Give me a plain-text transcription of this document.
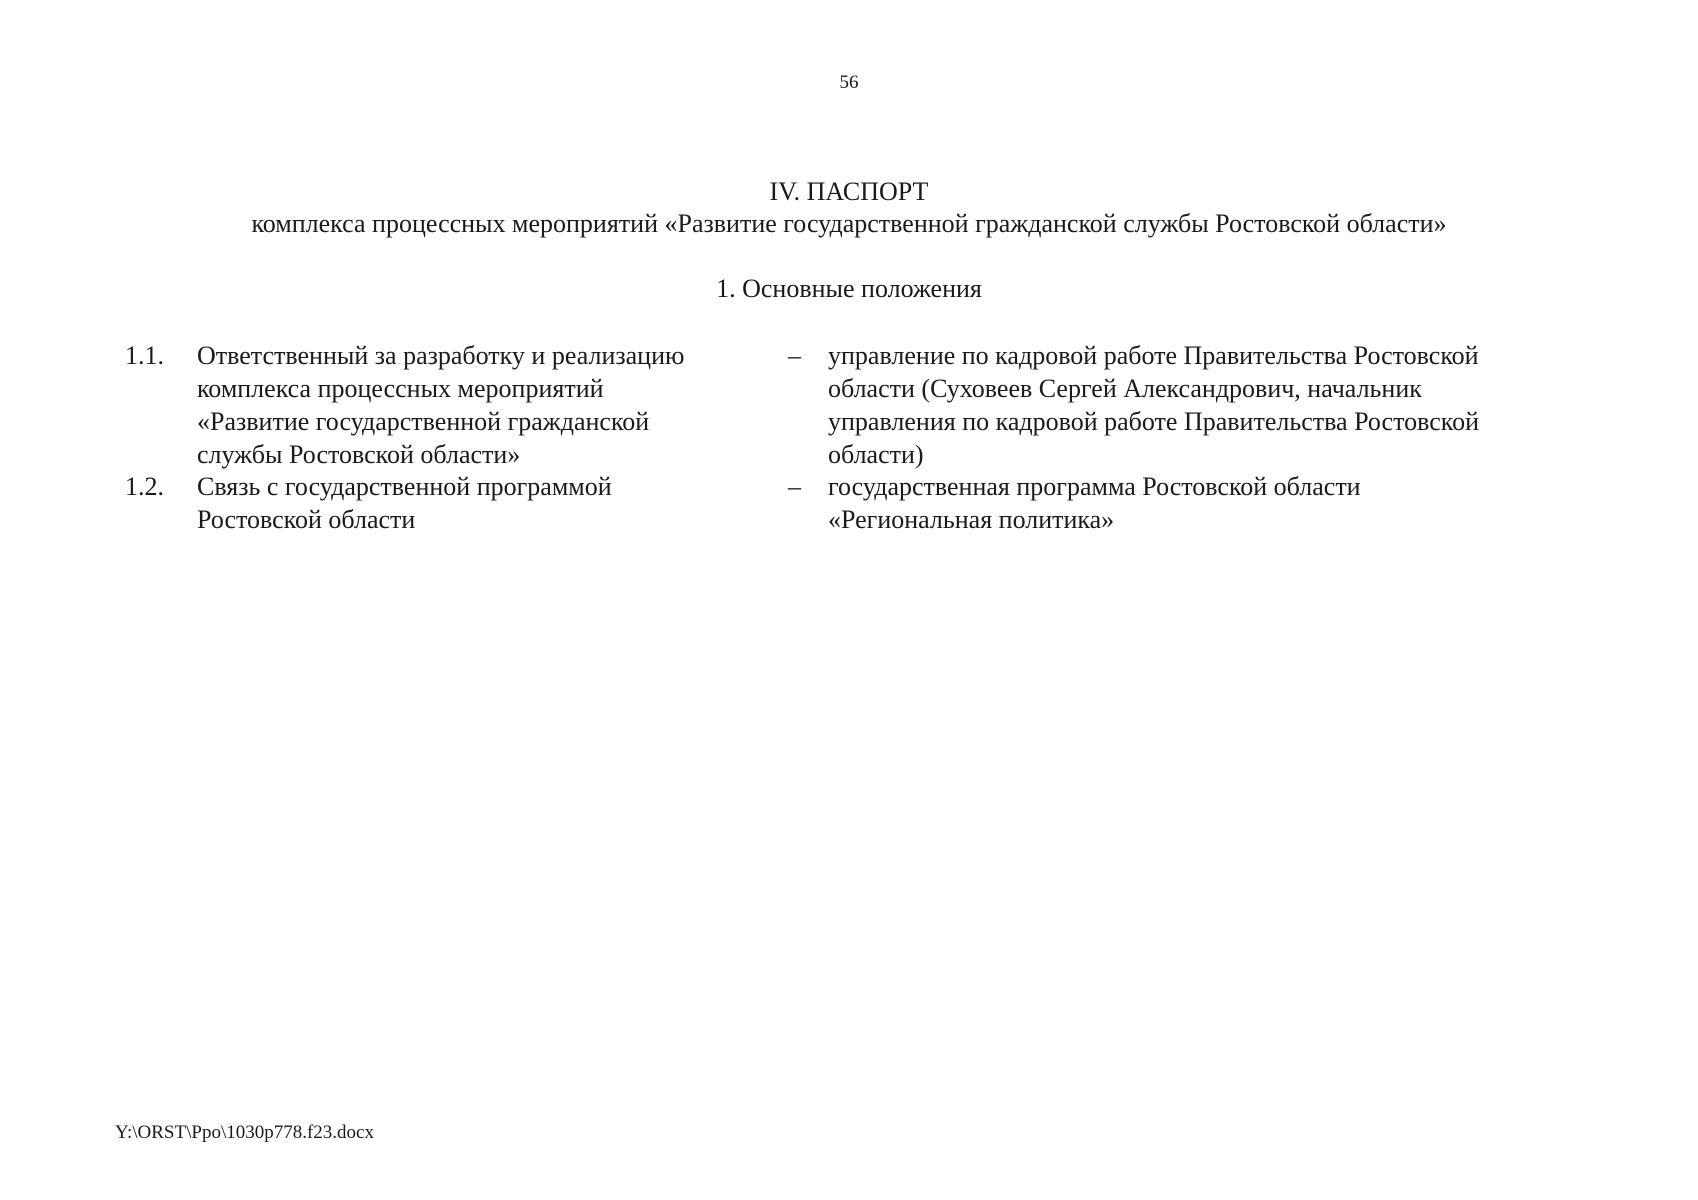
56
IV. ПАСПОРТ
комплекса процессных мероприятий «Развитие государственной гражданской службы Ростовской области»
1. Основные положения
1.1. Ответственный за разработку и реализацию
комплекса процессных мероприятий
«Развитие государственной гражданской
службы Ростовской области»
– управление по кадровой работе Правительства Ростовской
области (Суховеев Сергей Александрович, начальник
управления по кадровой работе Правительства Ростовской
области)
1.2. Связь с государственной программой
Ростовской области
– государственная программа Ростовской области
«Региональная политика»
Y:\ORST\Ppo\1030p778.f23.docx
